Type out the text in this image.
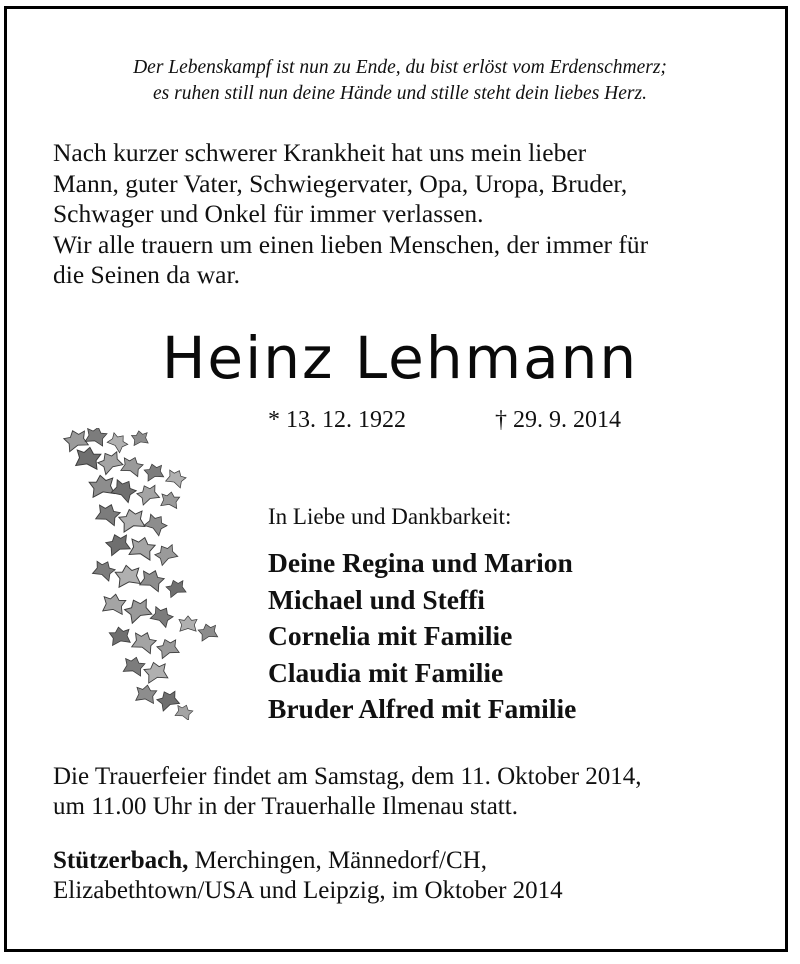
Der Lebenskampf ist nun zu Ende, du bist erlöst vom Erdenschmerz;
es ruhen still nun deine Hände und stille steht dein liebes Herz.
Nach kurzer schwerer Krankheit hat uns mein lieber
Mann, guter Vater, Schwiegervater, Opa, Uropa, Bruder,
Schwager und Onkel für immer verlassen.
Wir alle trauern um einen lieben Menschen, der immer für
die Seinen da war.
Heinz Lehmann
* 13. 12. 1922	† 29. 9. 2014
In Liebe und Dankbarkeit:
Deine Regina und Marion
Michael und Steffi
Cornelia mit Familie
Claudia mit Familie
Bruder Alfred mit Familie
Die Trauerfeier findet am Samstag, dem 11. Oktober 2014,
um 11.00 Uhr in der Trauerhalle Ilmenau statt.
Stützerbach, Merchingen, Männedorf/CH,
Elizabethtown/USA und Leipzig, im Oktober 2014
